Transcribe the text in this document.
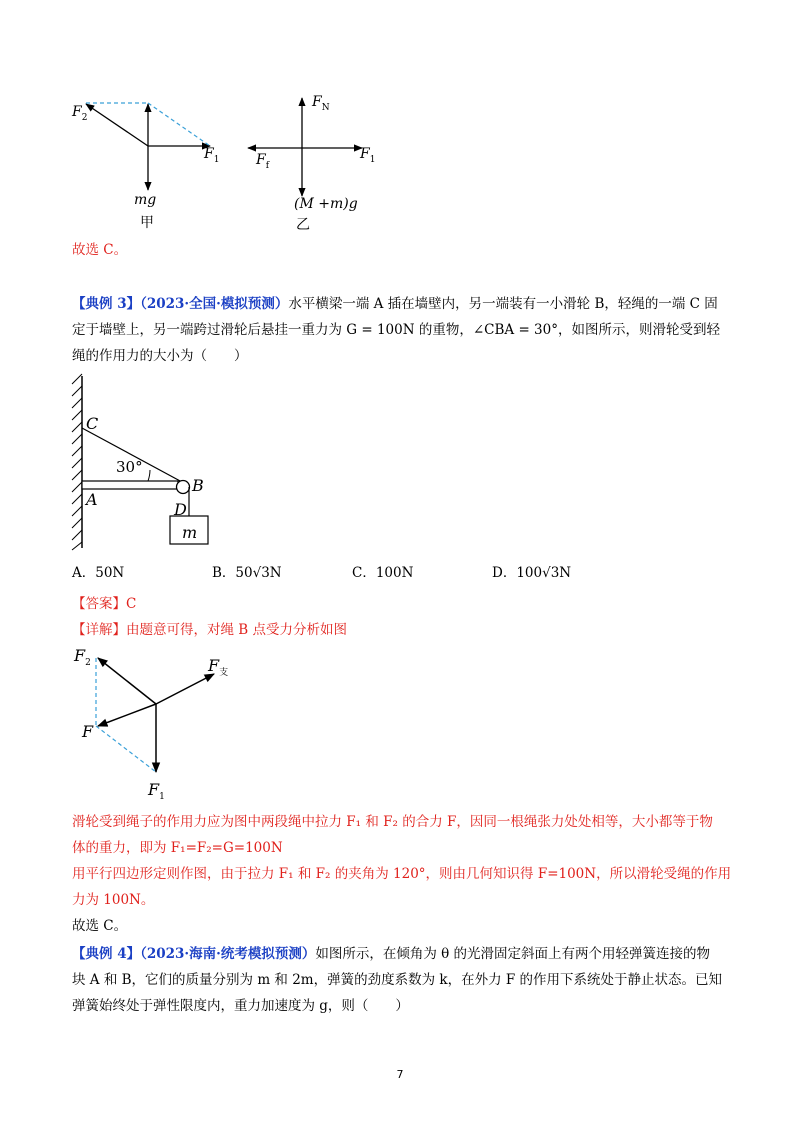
$F_2$
$F_1$
mg
甲
$F_N$
$F_f$
$F_1$
(M +m)g
乙
故选 C。
【典例 3】（2023·全国·模拟预测）水平横梁一端 A 插在墙壁内，另一端装有一小滑轮 B，轻绳的一端 C 固
定于墙壁上，另一端跨过滑轮后悬挂一重力为 G = 100N 的重物，∠CBA = 30°，如图所示，则滑轮受到轻
绳的作用力的大小为（　　）
C
A
B
D
30°
m
A．50N	B．50√3N	C．100N	D．100√3N
【答案】C
【详解】由题意可得，对绳 B 点受力分析如图
$F_2$	$F_支$
F
$F_1$
滑轮受到绳子的作用力应为图中两段绳中拉力 F₁ 和 F₂ 的合力 F，因同一根绳张力处处相等，大小都等于物
体的重力，即为 F₁=F₂=G=100N
用平行四边形定则作图，由于拉力 F₁ 和 F₂ 的夹角为 120°，则由几何知识得 F=100N，所以滑轮受绳的作用
力为 100N。
故选 C。
【典例 4】（2023·海南·统考模拟预测）如图所示，在倾角为 θ 的光滑固定斜面上有两个用轻弹簧连接的物
块 A 和 B，它们的质量分别为 m 和 2m，弹簧的劲度系数为 k，在外力 F 的作用下系统处于静止状态。已知
弹簧始终处于弹性限度内，重力加速度为 g，则（　　）
7
